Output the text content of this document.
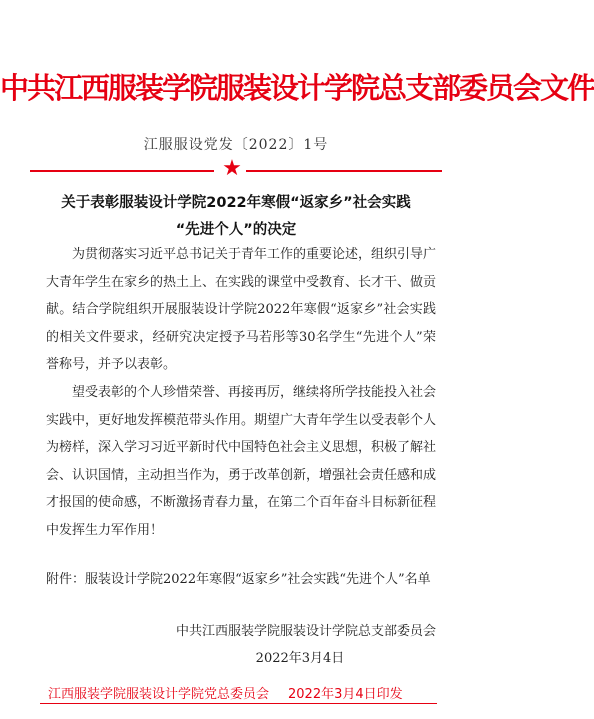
中共江西服装学院服装设计学院总支部委员会文件
江服服设党发〔2022〕1号
★
关于表彰服装设计学院2022年寒假“返家乡”社会实践
“先进个人”的决定
为贯彻落实习近平总书记关于青年工作的重要论述，组织引导广大青年学生在家乡的热土上、在实践的课堂中受教育、长才干、做贡献。结合学院组织开展服装设计学院2022年寒假“返家乡”社会实践的相关文件要求，经研究决定授予马若彤等30名学生“先进个人”荣誉称号，并予以表彰。
望受表彰的个人珍惜荣誉、再接再厉，继续将所学技能投入社会实践中，更好地发挥模范带头作用。期望广大青年学生以受表彰个人为榜样，深入学习习近平新时代中国特色社会主义思想，积极了解社会、认识国情，主动担当作为，勇于改革创新，增强社会责任感和成才报国的使命感，不断激扬青春力量，在第二个百年奋斗目标新征程中发挥生力军作用！
附件：服装设计学院2022年寒假“返家乡”社会实践“先进个人”名单
中共江西服装学院服装设计学院总支部委员会
2022年3月4日
江西服装学院服装设计学院党总委员会 2022年3月4日印发
